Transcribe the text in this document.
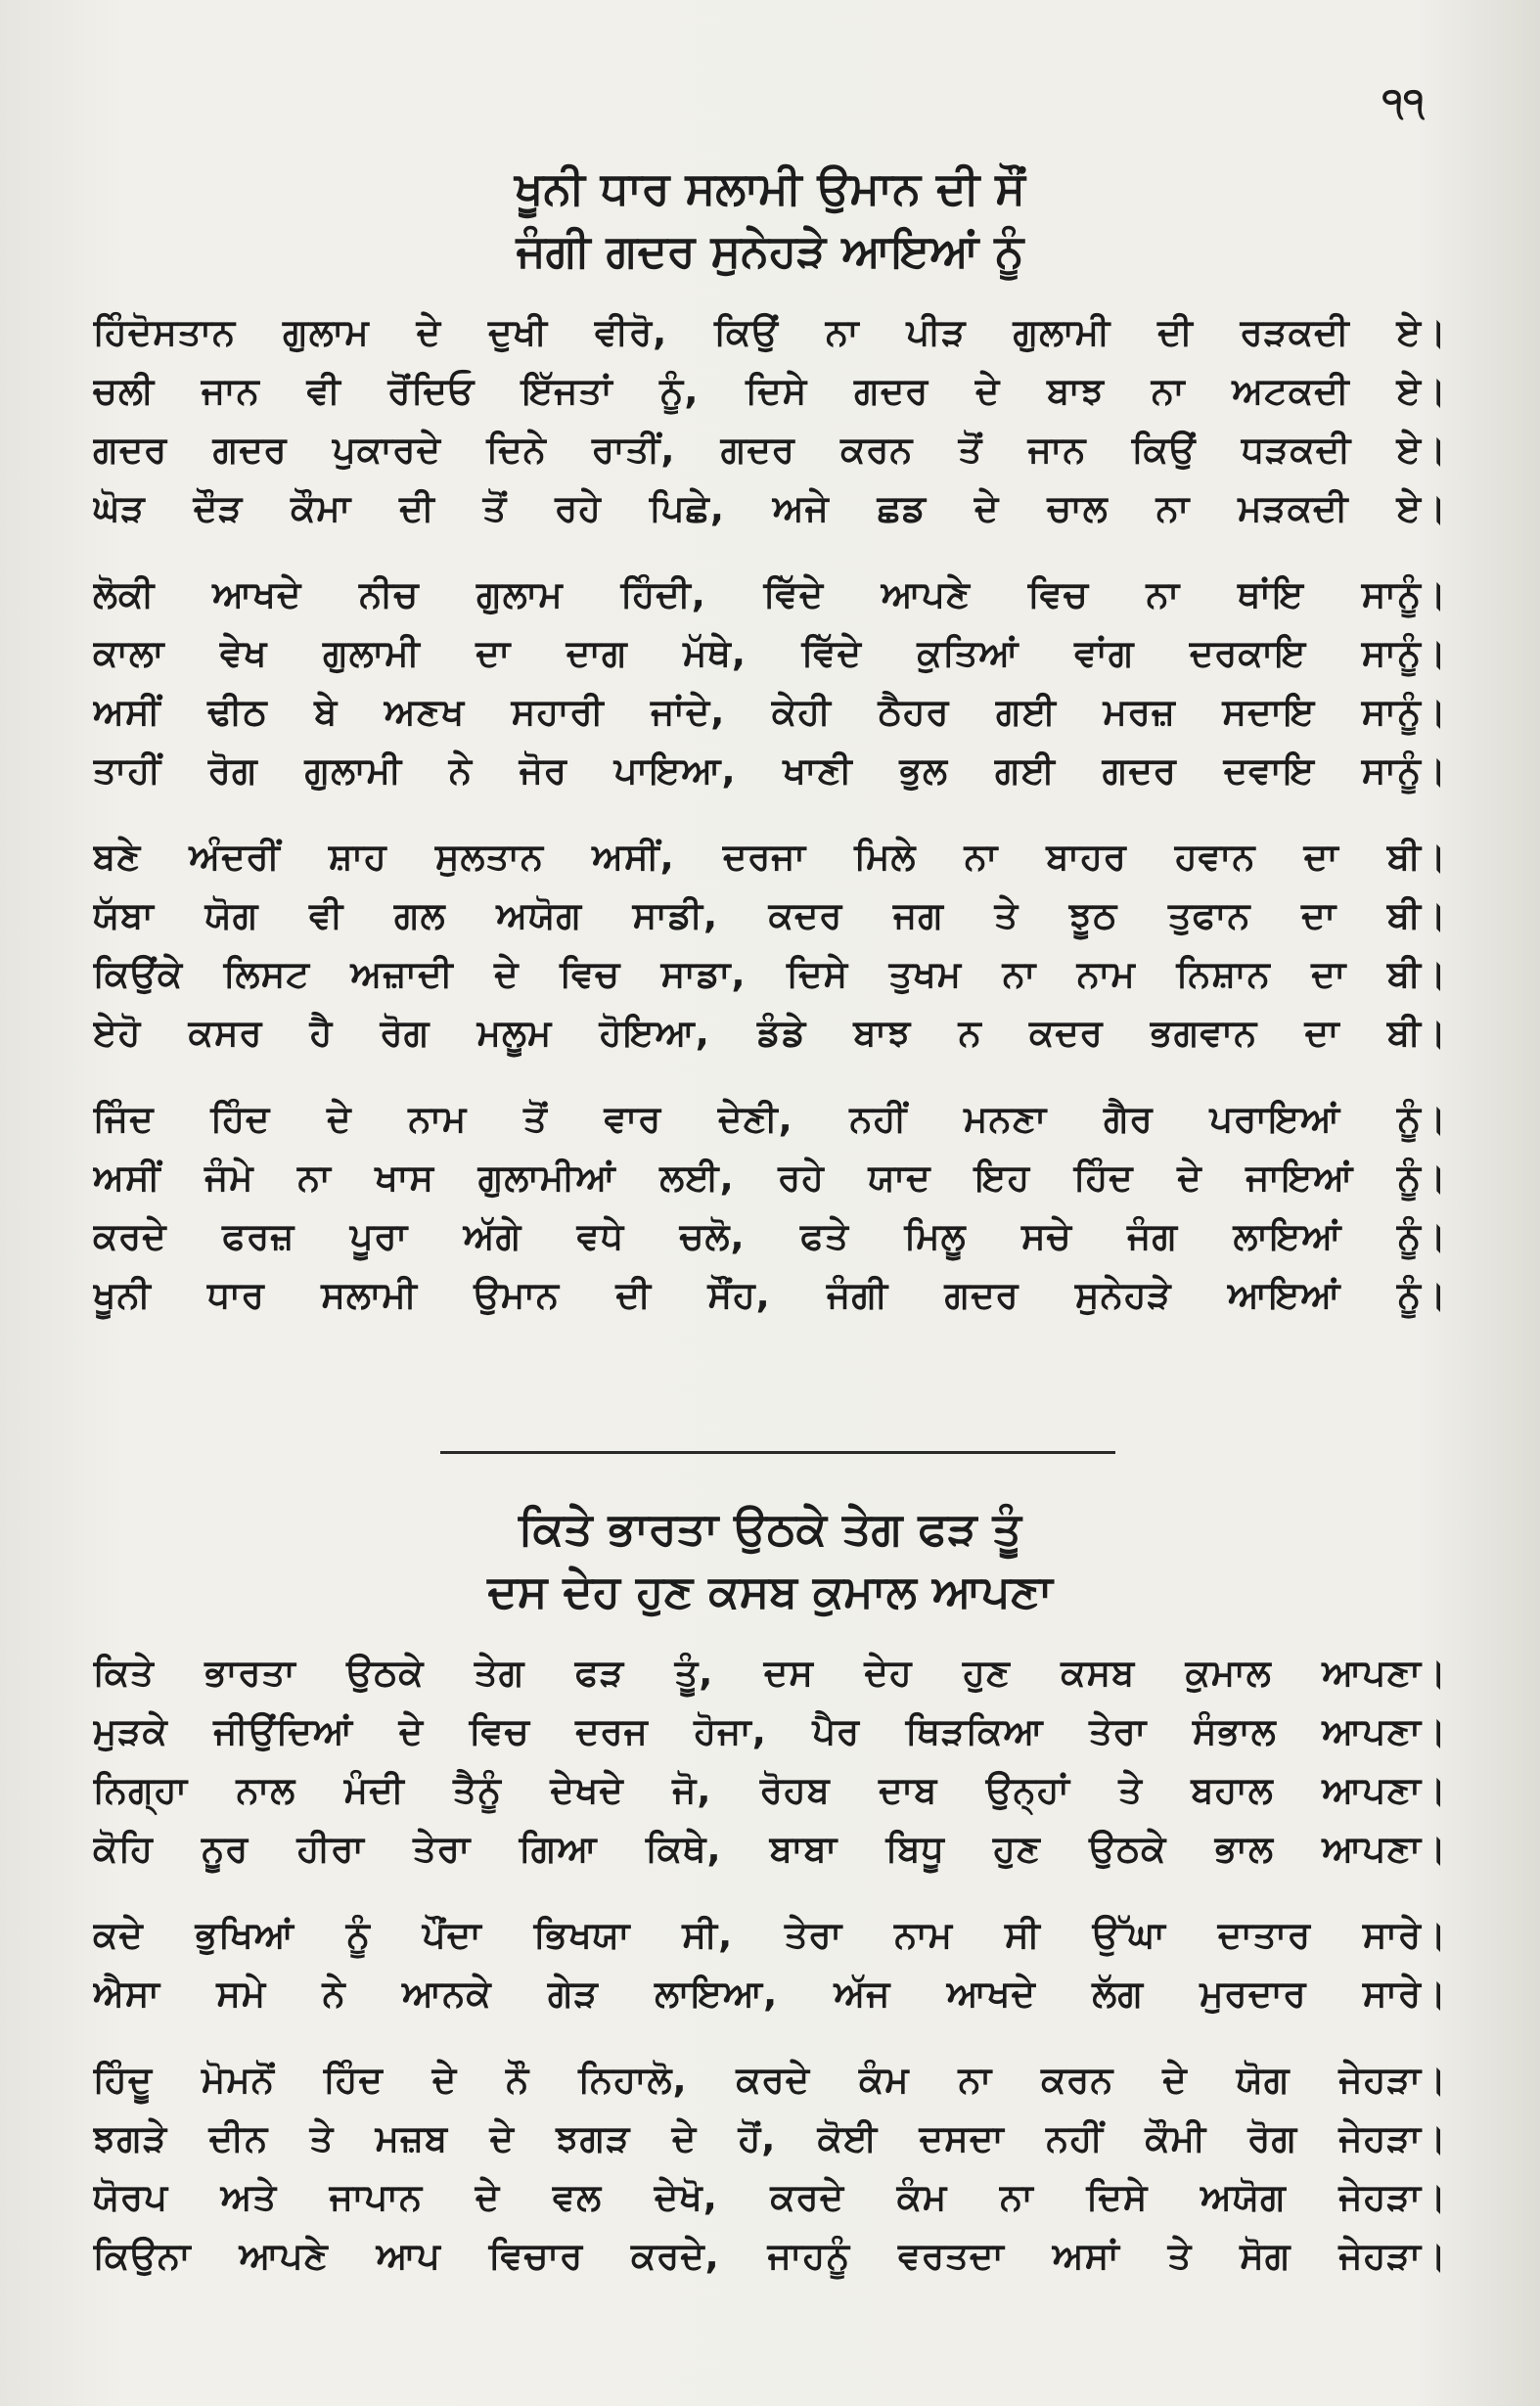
੧੧
ਖੂਨੀ ਧਾਰ ਸਲਾਮੀ ਉਮਾਨ ਦੀ ਸੌਂ
ਜੰਗੀ ਗਦਰ ਸੁਨੇਹੜੇ ਆਇਆਂ ਨੂੰ
ਹਿੰਦੋਸਤਾਨ ਗੁਲਾਮ ਦੇ ਦੁਖੀ ਵੀਰੋ, ਕਿਉਂ ਨਾ ਪੀੜ ਗੁਲਾਮੀ ਦੀ ਰੜਕਦੀ ਏ।
ਚਲੀ ਜਾਨ ਵੀ ਰੋਂਦਿਓ ਇੱਜਤਾਂ ਨੂੰ, ਦਿਸੇ ਗਦਰ ਦੇ ਬਾਝ ਨਾ ਅਟਕਦੀ ਏ।
ਗਦਰ ਗਦਰ ਪੁਕਾਰਦੇ ਦਿਨੇ ਰਾਤੀਂ, ਗਦਰ ਕਰਨ ਤੋਂ ਜਾਨ ਕਿਉਂ ਧੜਕਦੀ ਏ।
ਘੋੜ ਦੌੜ ਕੌਮਾ ਦੀ ਤੋਂ ਰਹੇ ਪਿਛੇ, ਅਜੇ ਛਡ ਦੇ ਚਾਲ ਨਾ ਮੜਕਦੀ ਏ।
ਲੋਕੀ ਆਖਦੇ ਨੀਚ ਗੁਲਾਮ ਹਿੰਦੀ, ਵਿੱਦੇ ਆਪਣੇ ਵਿਚ ਨਾ ਥਾਂਇ ਸਾਨੂੰ।
ਕਾਲਾ ਵੇਖ ਗੁਲਾਮੀ ਦਾ ਦਾਗ ਮੱਥੇ, ਵਿੱਦੇ ਕੁਤਿਆਂ ਵਾਂਗ ਦਰਕਾਇ ਸਾਨੂੰ।
ਅਸੀਂ ਢੀਠ ਬੇ ਅਣਖ ਸਹਾਰੀ ਜਾਂਦੇ, ਕੇਹੀ ਠੈਹਰ ਗਈ ਮਰਜ਼ ਸਦਾਇ ਸਾਨੂੰ।
ਤਾਹੀਂ ਰੋਗ ਗੁਲਾਮੀ ਨੇ ਜੋਰ ਪਾਇਆ, ਖਾਣੀ ਭੁਲ ਗਈ ਗਦਰ ਦਵਾਇ ਸਾਨੂੰ।
ਬਣੇ ਅੰਦਰੀਂ ਸ਼ਾਹ ਸੁਲਤਾਨ ਅਸੀਂ, ਦਰਜਾ ਮਿਲੇ ਨਾ ਬਾਹਰ ਹਵਾਨ ਦਾ ਬੀ।
ਯੱਬਾ ਯੋਗ ਵੀ ਗਲ ਅਯੋਗ ਸਾਡੀ, ਕਦਰ ਜਗ ਤੇ ਝੂਠ ਤੁਫਾਨ ਦਾ ਬੀ।
ਕਿਉਂਕੇ ਲਿਸਟ ਅਜ਼ਾਦੀ ਦੇ ਵਿਚ ਸਾਡਾ, ਦਿਸੇ ਤੁਖਮ ਨਾ ਨਾਮ ਨਿਸ਼ਾਨ ਦਾ ਬੀ।
ਏਹੋ ਕਸਰ ਹੈ ਰੋਗ ਮਲੂਮ ਹੋਇਆ, ਡੰਡੇ ਬਾਝ ਨ ਕਦਰ ਭਗਵਾਨ ਦਾ ਬੀ।
ਜਿੰਦ ਹਿੰਦ ਦੇ ਨਾਮ ਤੋਂ ਵਾਰ ਦੇਣੀ, ਨਹੀਂ ਮਨਣਾ ਗੈਰ ਪਰਾਇਆਂ ਨੂੰ।
ਅਸੀਂ ਜੰਮੇ ਨਾ ਖਾਸ ਗੁਲਾਮੀਆਂ ਲਈ, ਰਹੇ ਯਾਦ ਇਹ ਹਿੰਦ ਦੇ ਜਾਇਆਂ ਨੂੰ।
ਕਰਦੇ ਫਰਜ਼ ਪੂਰਾ ਅੱਗੇ ਵਧੇ ਚਲੋ, ਫਤੇ ਮਿਲੂ ਸਚੇ ਜੰਗ ਲਾਇਆਂ ਨੂੰ।
ਖੂਨੀ ਧਾਰ ਸਲਾਮੀ ਉਮਾਨ ਦੀ ਸੌਂਹ, ਜੰਗੀ ਗਦਰ ਸੁਨੇਹੜੇ ਆਇਆਂ ਨੂੰ।
ਕਿਤੇ ਭਾਰਤਾ ਉਠਕੇ ਤੇਗ ਫੜ ਤੂੰ
ਦਸ ਦੇਹ ਹੁਣ ਕਸਬ ਕੁਮਾਲ ਆਪਣਾ
ਕਿਤੇ ਭਾਰਤਾ ਉਠਕੇ ਤੇਗ ਫੜ ਤੂੰ, ਦਸ ਦੇਹ ਹੁਣ ਕਸਬ ਕੁਮਾਲ ਆਪਣਾ।
ਮੁੜਕੇ ਜੀਉਂਦਿਆਂ ਦੇ ਵਿਚ ਦਰਜ ਹੋਜਾ, ਪੈਰ ਥਿੜਕਿਆ ਤੇਰਾ ਸੰਭਾਲ ਆਪਣਾ।
ਨਿਗ੍ਹਾ ਨਾਲ ਮੰਦੀ ਤੈਨੂੰ ਦੇਖਦੇ ਜੋ, ਰੋਹਬ ਦਾਬ ਉਨ੍ਹਾਂ ਤੇ ਬਹਾਲ ਆਪਣਾ।
ਕੋਹਿ ਨੂਰ ਹੀਰਾ ਤੇਰਾ ਗਿਆ ਕਿਥੇ, ਬਾਬਾ ਬਿਧੂ ਹੁਣ ਉਠਕੇ ਭਾਲ ਆਪਣਾ।
ਕਦੇ ਭੁਖਿਆਂ ਨੂੰ ਪੌਂਦਾ ਭਿਖਯਾ ਸੀ, ਤੇਰਾ ਨਾਮ ਸੀ ਉੱਘਾ ਦਾਤਾਰ ਸਾਰੇ।
ਐਸਾ ਸਮੇ ਨੇ ਆਨਕੇ ਗੇੜ ਲਾਇਆ, ਅੱਜ ਆਖਦੇ ਲੱਗ ਮੁਰਦਾਰ ਸਾਰੇ।
ਹਿੰਦੂ ਮੋਮਨੋਂ ਹਿੰਦ ਦੇ ਨੌ ਨਿਹਾਲੋ, ਕਰਦੇ ਕੰਮ ਨਾ ਕਰਨ ਦੇ ਯੋਗ ਜੇਹੜਾ।
ਝਗੜੇ ਦੀਨ ਤੇ ਮਜ਼ਬ ਦੇ ਝਗੜ ਦੇ ਹੋਂ, ਕੋਈ ਦਸਦਾ ਨਹੀਂ ਕੌਮੀ ਰੋਗ ਜੇਹੜਾ।
ਯੋਰਪ ਅਤੇ ਜਾਪਾਨ ਦੇ ਵਲ ਦੇਖੋ, ਕਰਦੇ ਕੰਮ ਨਾ ਦਿਸੇ ਅਯੋਗ ਜੇਹੜਾ।
ਕਿਉਨਾ ਆਪਣੇ ਆਪ ਵਿਚਾਰ ਕਰਦੇ, ਜਾਹਨੂੰ ਵਰਤਦਾ ਅਸਾਂ ਤੇ ਸੋਗ ਜੇਹੜਾ।
